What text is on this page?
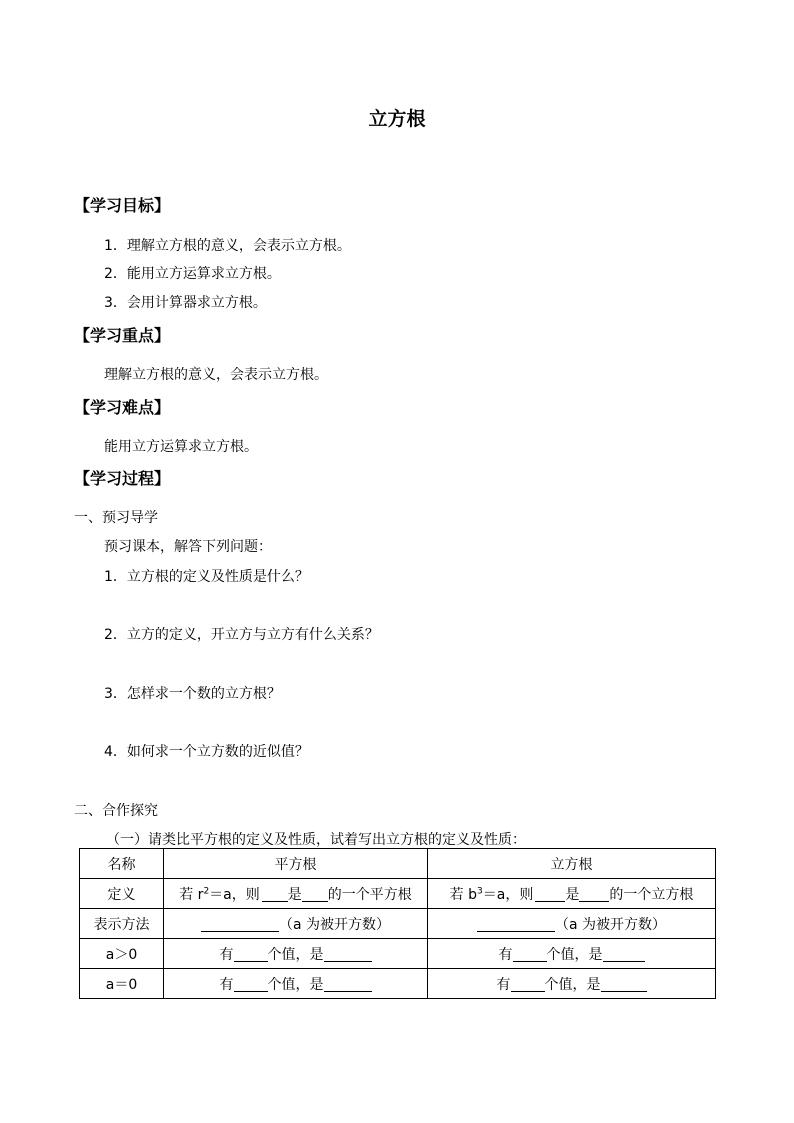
立方根
【学习目标】
1．理解立方根的意义，会表示立方根。
2．能用立方运算求立方根。
3．会用计算器求立方根。
【学习重点】
理解立方根的意义，会表示立方根。
【学习难点】
能用立方运算求立方根。
【学习过程】
一、预习导学
预习课本，解答下列问题：
1．立方根的定义及性质是什么？
2．立方的定义，开立方与立方有什么关系？
3．怎样求一个数的立方根？
4．如何求一个立方数的近似值？
二、合作探究
（一）请类比平方根的定义及性质，试着写出立方根的定义及性质：
名称	平方根	立方根
定义	若 $r^2=a$，则 是 的一个平方根	若 $b^3=a$，则 是 的一个立方根
表示方法	（a 为被开方数）	（a 为被开方数）
a＞0	有 个值，是	有 个值，是
a＝0	有 个值，是	有 个值，是
